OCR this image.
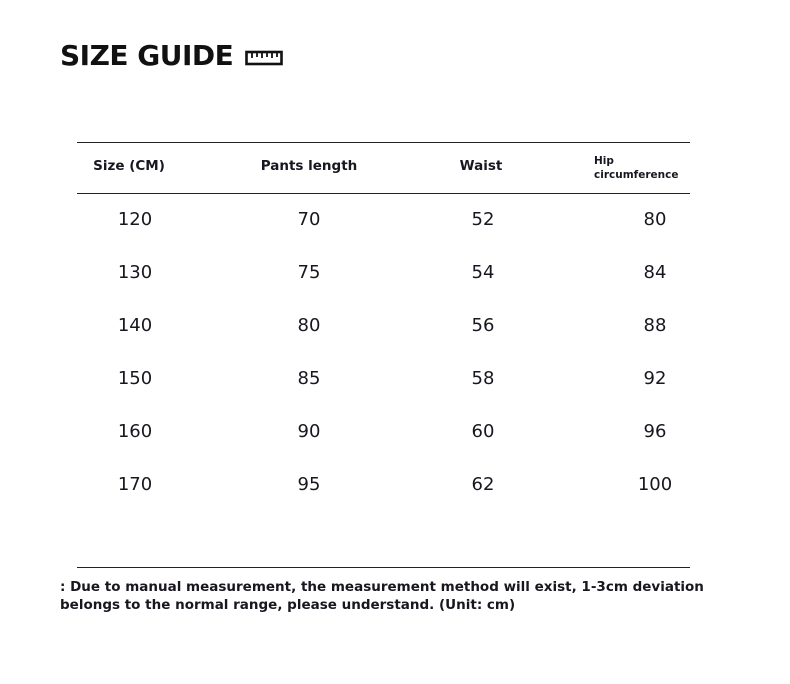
SIZE GUIDE
Size (CM)	Pants length	Waist	Hip
circumference
120	70	52	80
130	75	54	84
140	80	56	88
150	85	58	92
160	90	60	96
170	95	62	100
: Due to manual measurement, the measurement method will exist, 1-3cm deviation
belongs to the normal range, please understand. (Unit: cm)
